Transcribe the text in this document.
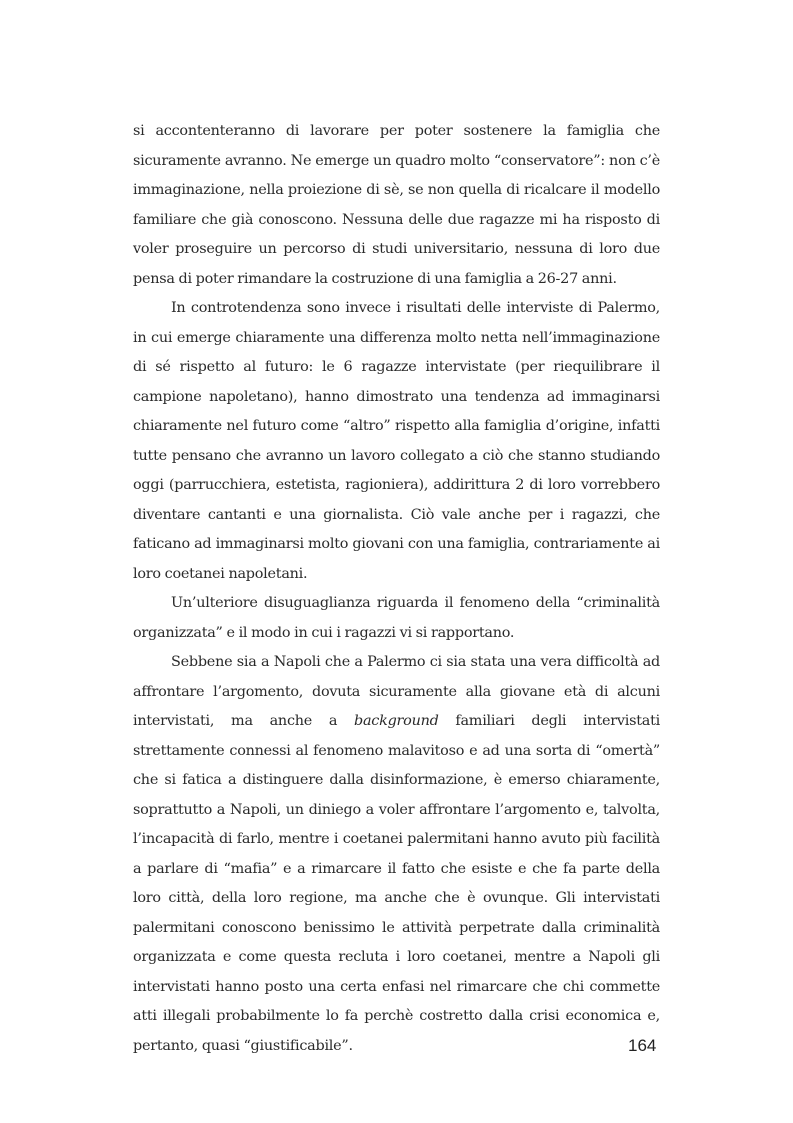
si accontenteranno di lavorare per poter sostenere la famiglia che sicuramente avranno. Ne emerge un quadro molto “conservatore”: non c’è immaginazione, nella proiezione di sè, se non quella di ricalcare il modello familiare che già conoscono. Nessuna delle due ragazze mi ha risposto di voler proseguire un percorso di studi universitario, nessuna di loro due pensa di poter rimandare la costruzione di una famiglia a 26-27 anni.

In controtendenza sono invece i risultati delle interviste di Palermo, in cui emerge chiaramente una differenza molto netta nell’immaginazione di sé rispetto al futuro: le 6 ragazze intervistate (per riequilibrare il campione napoletano), hanno dimostrato una tendenza ad immaginarsi chiaramente nel futuro come “altro” rispetto alla famiglia d’origine, infatti tutte pensano che avranno un lavoro collegato a ciò che stanno studiando oggi (parrucchiera, estetista, ragioniera), addirittura 2 di loro vorrebbero diventare cantanti e una giornalista. Ciò vale anche per i ragazzi, che faticano ad immaginarsi molto giovani con una famiglia, contrariamente ai loro coetanei napoletani.

Un’ulteriore disuguaglianza riguarda il fenomeno della “criminalità organizzata” e il modo in cui i ragazzi vi si rapportano.

Sebbene sia a Napoli che a Palermo ci sia stata una vera difficoltà ad affrontare l’argomento, dovuta sicuramente alla giovane età di alcuni intervistati, ma anche a background familiari degli intervistati strettamente connessi al fenomeno malavitoso e ad una sorta di “omertà” che si fatica a distinguere dalla disinformazione, è emerso chiaramente, soprattutto a Napoli, un diniego a voler affrontare l’argomento e, talvolta, l’incapacità di farlo, mentre i coetanei palermitani hanno avuto più facilità a parlare di “mafia” e a rimarcare il fatto che esiste e che fa parte della loro città, della loro regione, ma anche che è ovunque. Gli intervistati palermitani conoscono benissimo le attività perpetrate dalla criminalità organizzata e come questa recluta i loro coetanei, mentre a Napoli gli intervistati hanno posto una certa enfasi nel rimarcare che chi commette atti illegali probabilmente lo fa perchè costretto dalla crisi economica e, pertanto, quasi “giustificabile”.	164
